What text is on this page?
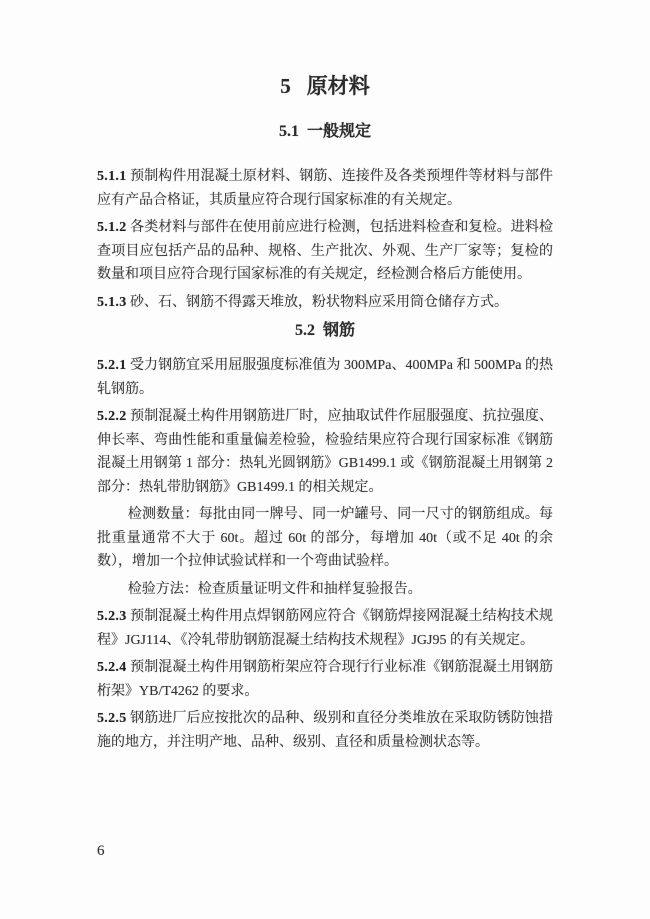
5 原材料
5.1 一般规定

5.1.1 预制构件用混凝土原材料、钢筋、连接件及各类预埋件等材料与部件应有产品合格证，其质量应符合现行国家标准的有关规定。

5.1.2 各类材料与部件在使用前应进行检测，包括进料检查和复检。进料检查项目应包括产品的品种、规格、生产批次、外观、生产厂家等；复检的数量和项目应符合现行国家标准的有关规定，经检测合格后方能使用。

5.1.3 砂、石、钢筋不得露天堆放，粉状物料应采用筒仓储存方式。

5.2 钢筋

5.2.1 受力钢筋宜采用屈服强度标准值为 300MPa、400MPa 和 500MPa 的热轧钢筋。

5.2.2 预制混凝土构件用钢筋进厂时，应抽取试件作屈服强度、抗拉强度、伸长率、弯曲性能和重量偏差检验，检验结果应符合现行国家标准《钢筋混凝土用钢第 1 部分：热轧光圆钢筋》GB1499.1 或《钢筋混凝土用钢第 2 部分：热轧带肋钢筋》GB1499.1 的相关规定。

检测数量：每批由同一牌号、同一炉罐号、同一尺寸的钢筋组成。每批重量通常不大于 60t。超过 60t 的部分，每增加 40t（或不足 40t 的余数），增加一个拉伸试验试样和一个弯曲试验样。

检验方法：检查质量证明文件和抽样复验报告。

5.2.3 预制混凝土构件用点焊钢筋网应符合《钢筋焊接网混凝土结构技术规程》JGJ114、《冷轧带肋钢筋混凝土结构技术规程》JGJ95 的有关规定。

5.2.4 预制混凝土构件用钢筋桁架应符合现行行业标准《钢筋混凝土用钢筋桁架》YB/T4262 的要求。

5.2.5 钢筋进厂后应按批次的品种、级别和直径分类堆放在采取防锈防蚀措施的地方，并注明产地、品种、级别、直径和质量检测状态等。

6
